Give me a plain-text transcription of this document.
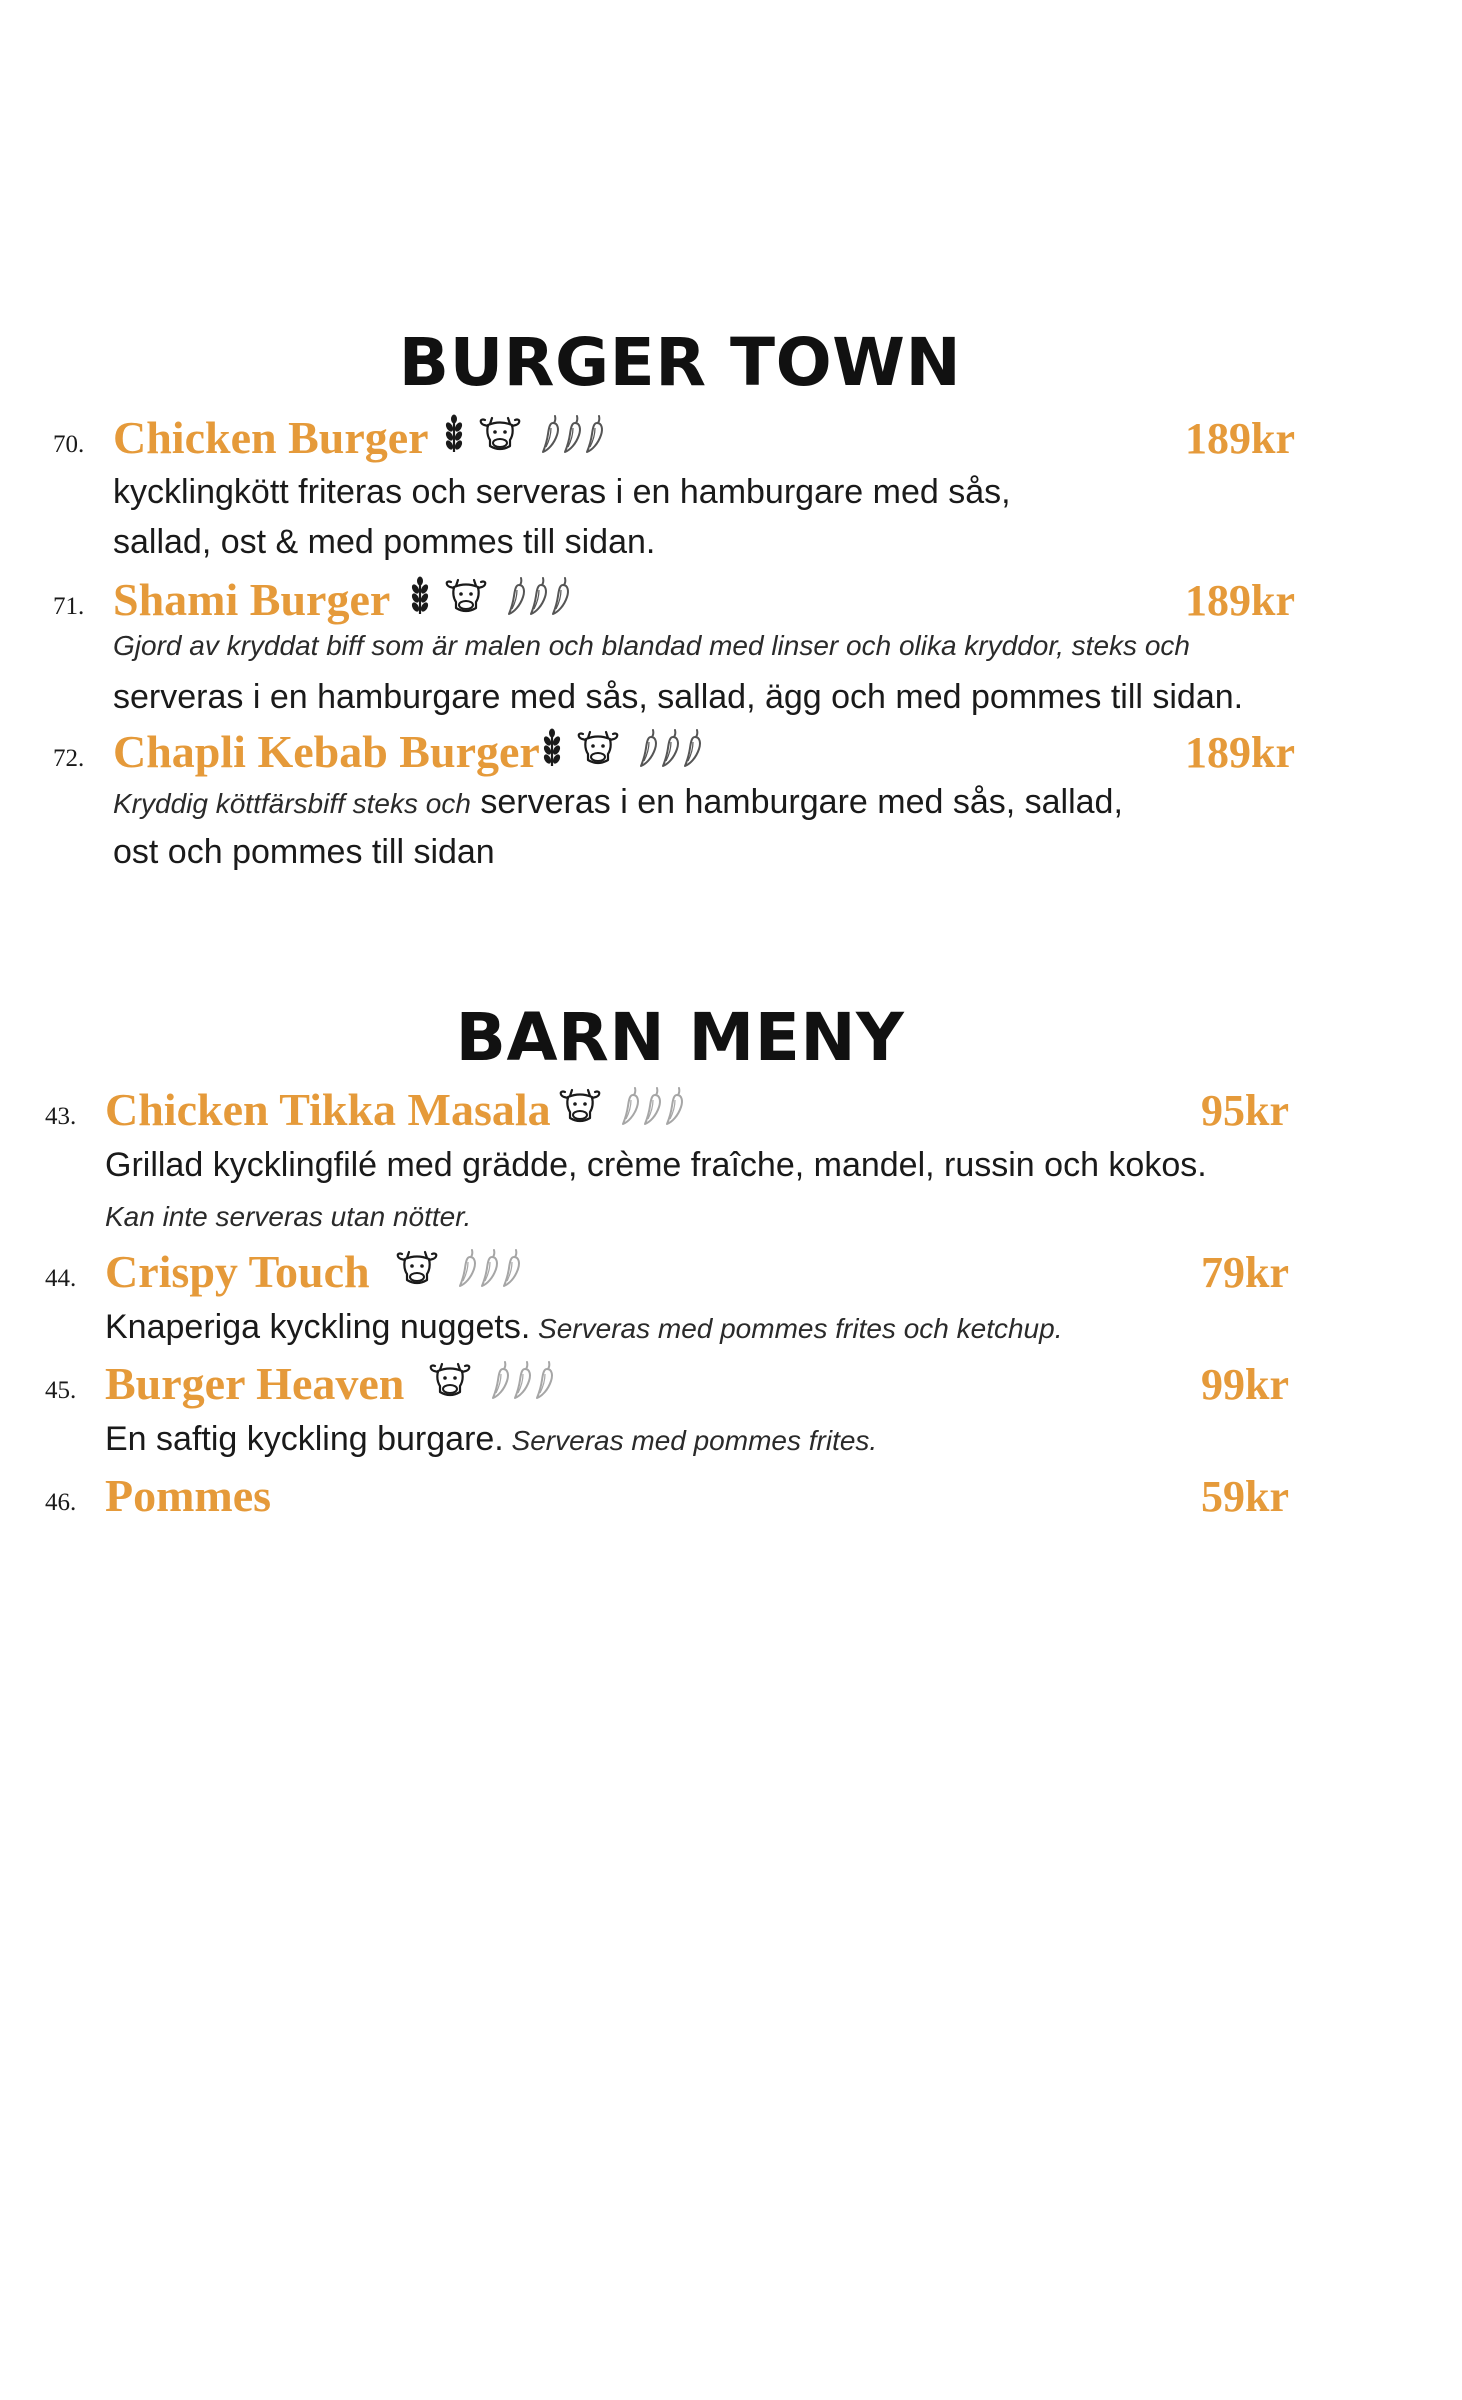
BURGER TOWN
70. Chicken Burger	189kr
kycklingkött friteras och serveras i en hamburgare med sås,
sallad, ost & med pommes till sidan.
71. Shami Burger	189kr
Gjord av kryddat biff som är malen och blandad med linser och olika kryddor, steks och
serveras i en hamburgare med sås, sallad, ägg och med pommes till sidan.
72. Chapli Kebab Burger	189kr
Kryddig köttfärsbiff steks och serveras i en hamburgare med sås, sallad,
ost och pommes till sidan
BARN MENY
43. Chicken Tikka Masala	95kr
Grillad kycklingfilé med grädde, crème fraîche, mandel, russin och kokos.
Kan inte serveras utan nötter.
44. Crispy Touch	79kr
Knaperiga kyckling nuggets. Serveras med pommes frites och ketchup.
45. Burger Heaven	99kr
En saftig kyckling burgare. Serveras med pommes frites.
46. Pommes	59kr
